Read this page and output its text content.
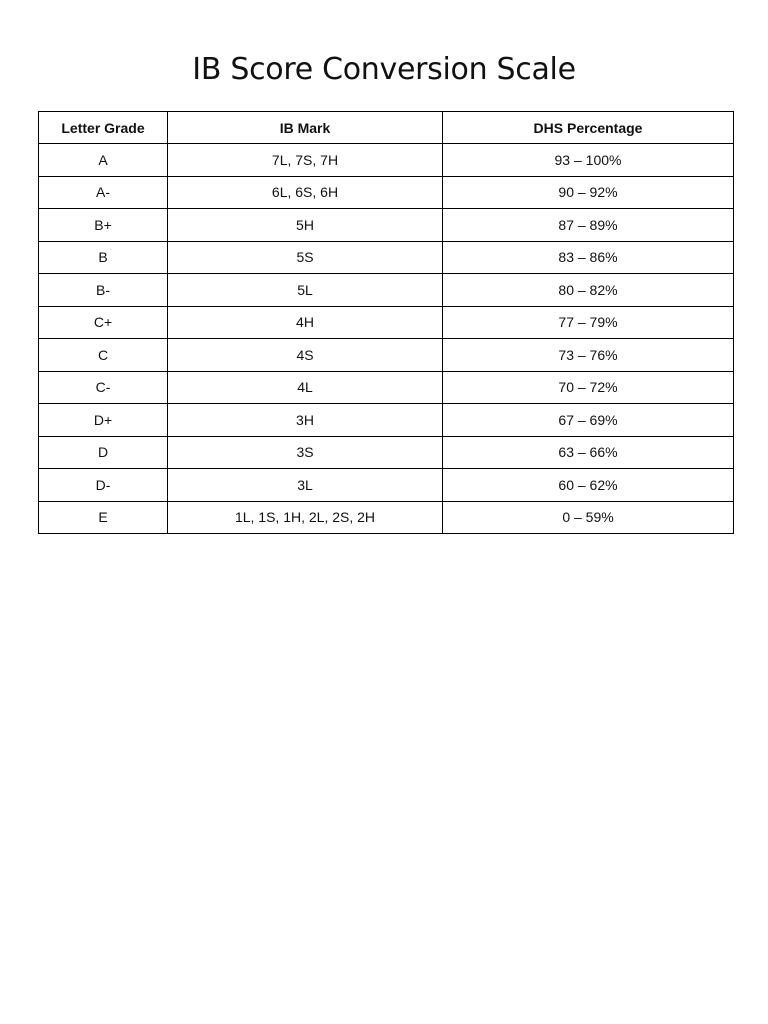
IB Score Conversion Scale
Letter Grade	IB Mark	DHS Percentage
A	7L, 7S, 7H	93 – 100%
A-	6L, 6S, 6H	90 – 92%
B+	5H	87 – 89%
B	5S	83 – 86%
B-	5L	80 – 82%
C+	4H	77 – 79%
C	4S	73 – 76%
C-	4L	70 – 72%
D+	3H	67 – 69%
D	3S	63 – 66%
D-	3L	60 – 62%
E	1L, 1S, 1H, 2L, 2S, 2H	0 – 59%
